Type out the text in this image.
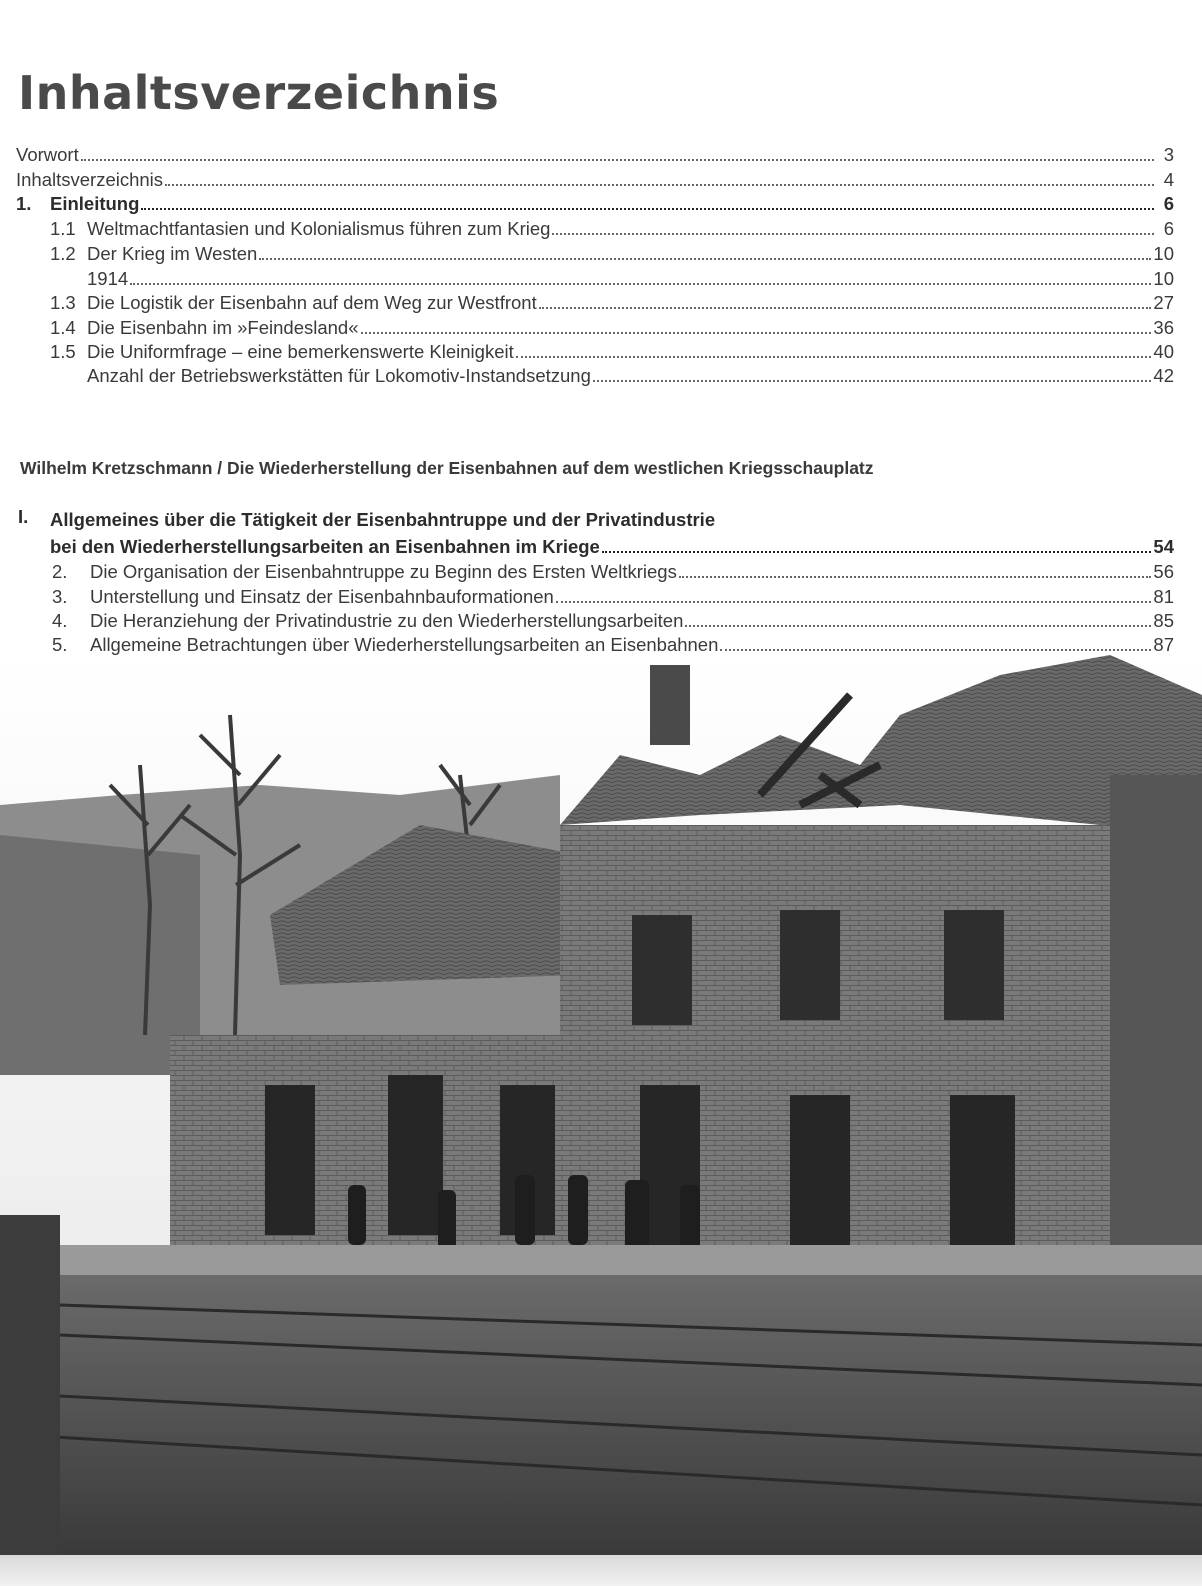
Inhaltsverzeichnis
Vorwort	3
Inhaltsverzeichnis	4
1. Einleitung	6
1.1 Weltmachtfantasien und Kolonialismus führen zum Krieg	6
1.2 Der Krieg im Westen	10
1914	10
1.3 Die Logistik der Eisenbahn auf dem Weg zur Westfront	27
1.4 Die Eisenbahn im »Feindesland«	36
1.5 Die Uniformfrage – eine bemerkenswerte Kleinigkeit	40
Anzahl der Betriebswerkstätten für Lokomotiv-Instandsetzung	42
Wilhelm Kretzschmann / Die Wiederherstellung der Eisenbahnen auf dem westlichen Kriegsschauplatz
I. Allgemeines über die Tätigkeit der Eisenbahntruppe und der Privatindustrie
bei den Wiederherstellungsarbeiten an Eisenbahnen im Kriege	54
2.	Die Organisation der Eisenbahntruppe zu Beginn des Ersten Weltkriegs	56
3.	Unterstellung und Einsatz der Eisenbahnbauformationen	81
4.	Die Heranziehung der Privatindustrie zu den Wiederherstellungsarbeiten	85
5.	Allgemeine Betrachtungen über Wiederherstellungsarbeiten an Eisenbahnen	87
